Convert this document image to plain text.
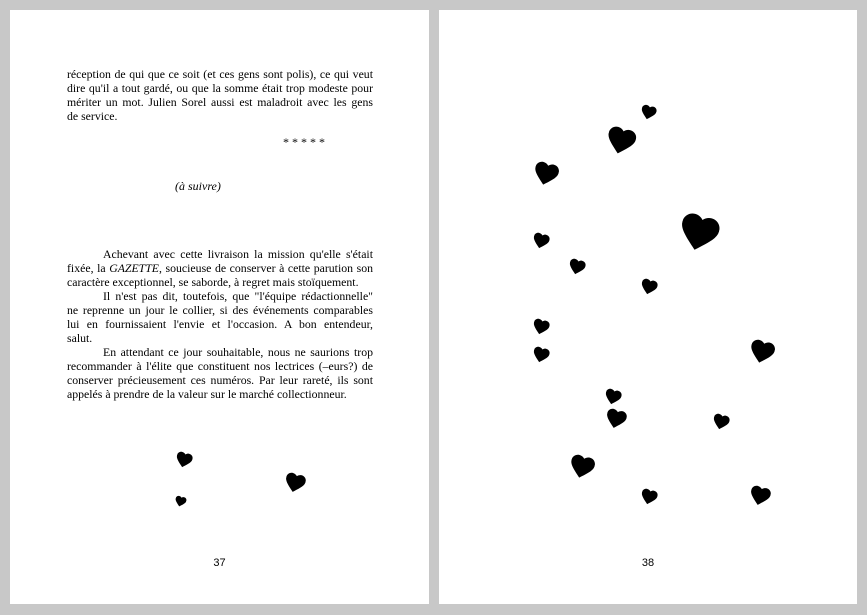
réception de qui que ce soit (et ces gens sont polis), ce qui veut
dire qu'il a tout gardé, ou que la somme était trop modeste pour
mériter un mot. Julien Sorel aussi est maladroit avec les gens
de service.
* * * * *
(à suivre)
Achevant avec cette livraison la mission qu'elle s'était
fixée, la GAZETTE, soucieuse de conserver à cette parution son
caractère exceptionnel, se saborde, à regret mais stoïquement.
Il n'est pas dit, toutefois, que "l'équipe rédactionnelle"
ne reprenne un jour le collier, si des événements comparables
lui en fournissaient l'envie et l'occasion. A bon entendeur,
salut.
En attendant ce jour souhaitable, nous ne saurions trop
recommander à l'élite que constituent nos lectrices (–eurs?) de
conserver précieusement ces numéros. Par leur rareté, ils sont
appelés à prendre de la valeur sur le marché collectionneur.
37	38
